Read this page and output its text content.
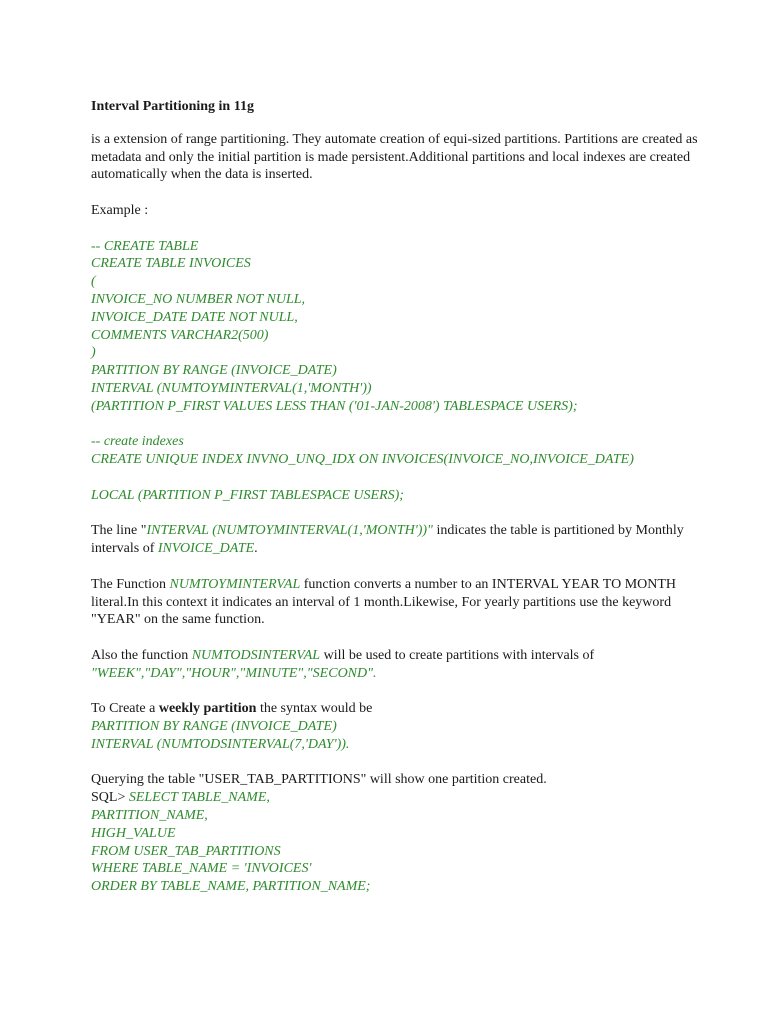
Interval Partitioning in 11g

is a extension of range partitioning. They automate creation of equi-sized partitions. Partitions are created as metadata and only the initial partition is made persistent.Additional partitions and local indexes are created automatically when the data is inserted.

Example :

-- CREATE TABLE
CREATE TABLE INVOICES
(
INVOICE_NO NUMBER NOT NULL,
INVOICE_DATE DATE NOT NULL,
COMMENTS VARCHAR2(500)
)
PARTITION BY RANGE (INVOICE_DATE)
INTERVAL (NUMTOYMINTERVAL(1,'MONTH'))
(PARTITION P_FIRST VALUES LESS THAN ('01-JAN-2008') TABLESPACE USERS);
-- create indexes
CREATE UNIQUE INDEX INVNO_UNQ_IDX ON INVOICES(INVOICE_NO,INVOICE_DATE)
LOCAL (PARTITION P_FIRST TABLESPACE USERS);

The line "INTERVAL (NUMTOYMINTERVAL(1,'MONTH'))" indicates the table is partitioned by Monthly intervals of INVOICE_DATE.

The Function NUMTOYMINTERVAL function converts a number to an INTERVAL YEAR TO MONTH literal.In this context it indicates an interval of 1 month.Likewise, For yearly partitions use the keyword "YEAR" on the same function.

Also the function NUMTODSINTERVAL will be used to create partitions with intervals of
"WEEK","DAY","HOUR","MINUTE","SECOND".

To Create a weekly partition the syntax would be

PARTITION BY RANGE (INVOICE_DATE)
INTERVAL (NUMTODSINTERVAL(7,'DAY')).

Querying the table "USER_TAB_PARTITIONS" will show one partition created.

SQL> SELECT TABLE_NAME,
PARTITION_NAME,
HIGH_VALUE
FROM USER_TAB_PARTITIONS
WHERE TABLE_NAME = 'INVOICES'
ORDER BY TABLE_NAME, PARTITION_NAME;
